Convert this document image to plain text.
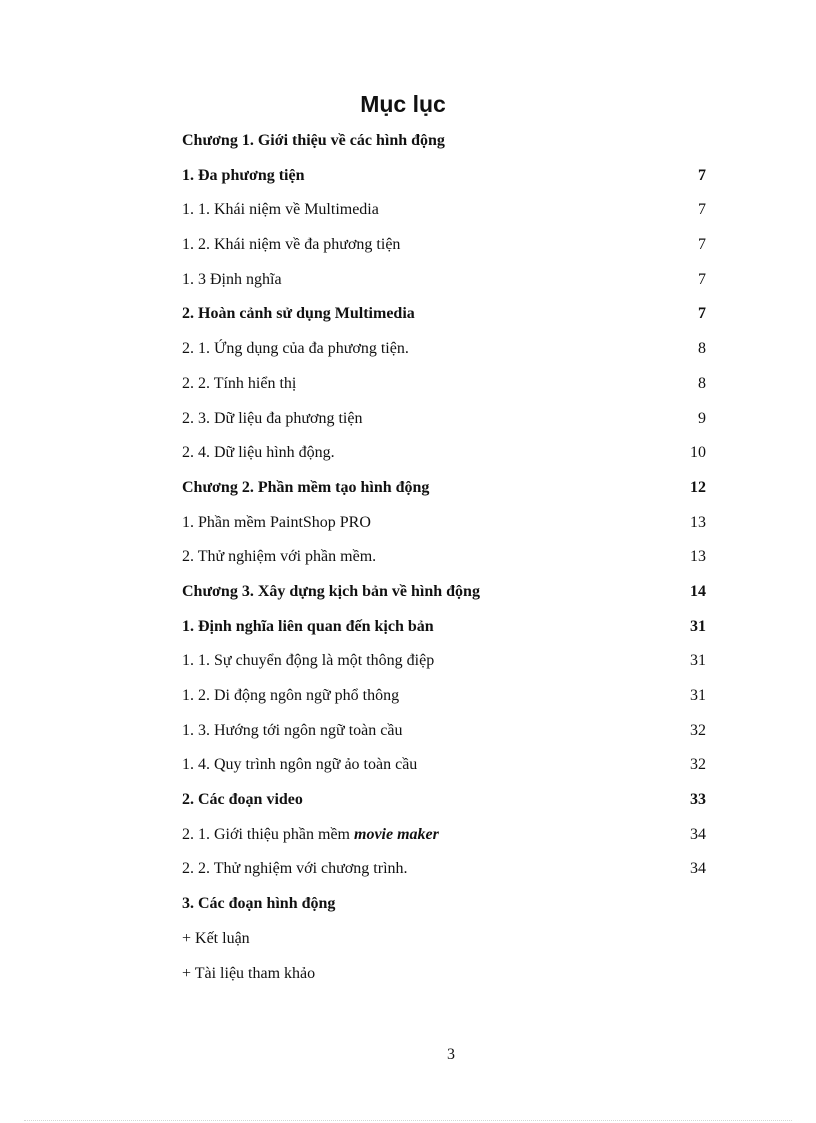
Mục lục
Chương 1. Giới thiệu về các hình động
1. Đa phương tiện	7
1. 1. Khái niệm về Multimedia	7
1. 2. Khái niệm về đa phương tiện	7
1. 3 Định nghĩa	7
2. Hoàn cảnh sử dụng Multimedia	7
2. 1. Ứng dụng của đa phương tiện.	8
2. 2. Tính hiển thị	8
2. 3. Dữ liệu đa phương tiện	9
2. 4. Dữ liệu hình động.	10
Chương 2. Phần mềm tạo hình động	12
1. Phần mềm PaintShop PRO	13
2. Thử nghiệm với phần mềm.	13
Chương 3. Xây dựng kịch bản về hình động	14
1. Định nghĩa liên quan đến kịch bản	31
1. 1. Sự chuyển động là một thông điệp	31
1. 2. Di động ngôn ngữ phổ thông	31
1. 3. Hướng tới ngôn ngữ toàn cầu	32
1. 4. Quy trình ngôn ngữ ảo toàn cầu	32
2. Các đoạn video	33
2. 1. Giới thiệu phần mềm movie maker	34
2. 2. Thử nghiệm với chương trình.	34
3. Các đoạn hình động
+ Kết luận
+ Tài liệu tham khảo
3
